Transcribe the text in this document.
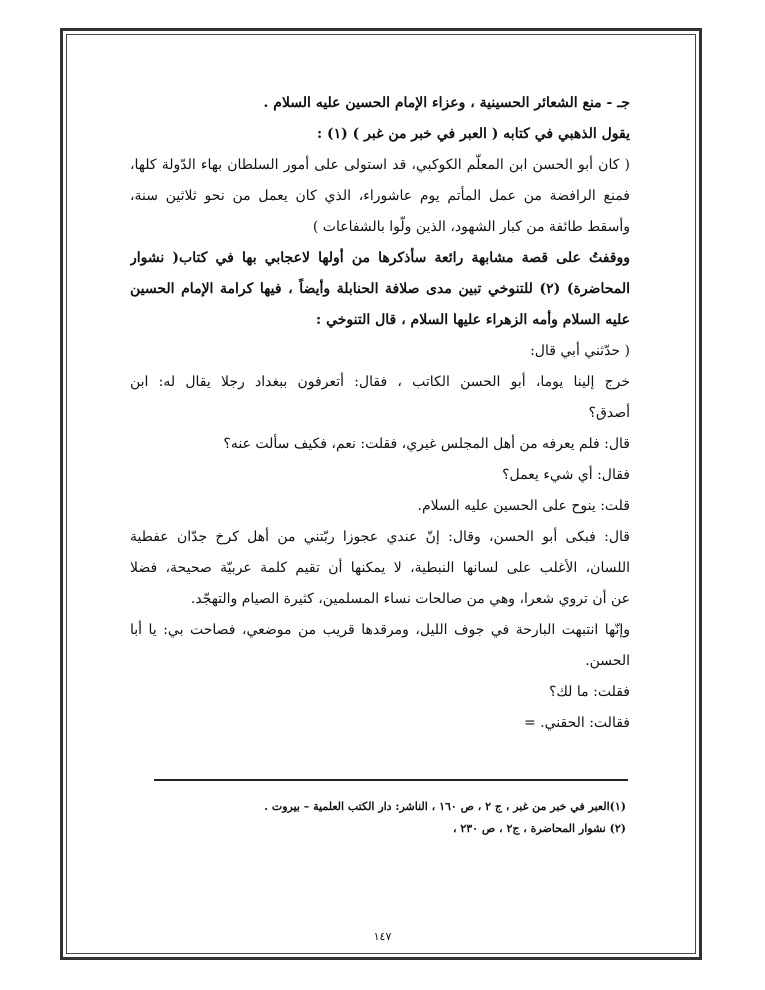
جـ - منع الشعائر الحسينية ، وعزاء الإمام الحسين عليه السلام .
يقول الذهبي في كتابه ( العبر في خبر من غبر ) (١) :
( كان أبو الحسن ابن المعلّم الكوكبي، قد استولى على أمور السلطان بهاء الدّولة كلها،
فمنع الرافضة من عمل المأتم يوم عاشوراء، الذي كان يعمل من نحو ثلاثين سنة،
وأسقط طائفة من كبار الشهود، الذين ولّوا بالشفاعات )
ووقفتُ على قصة مشابهة رائعة سأذكرها من أولها لاعجابي بها في كتاب( نشوار
المحاضرة) (٢) للتنوخي تبين مدى صلافة الحنابلة وأيضاً ، فيها كرامة الإمام الحسين
عليه السلام وأمه الزهراء عليها السلام ، قال التنوخي :
( حدّثني أبي قال:
خرج إلينا يوما، أبو الحسن الكاتب ، فقال: أتعرفون ببغداد رجلا يقال له: ابن
أصدق؟
قال: فلم يعرفه من أهل المجلس غيري، فقلت: نعم، فكيف سألت عنه؟
فقال: أي شيء يعمل؟
قلت: ينوح على الحسين عليه السلام.
قال: فبكى أبو الحسن، وقال: إنّ عندي عجوزا ربّتني من أهل كرخ جدّان عفطية
اللسان، الأغلب على لسانها النبطية، لا يمكنها أن تقيم كلمة عربيّة صحيحة، فضلا
عن أن تروي شعرا، وهي من صالحات نساء المسلمين، كثيرة الصيام والتهجّد.
وإنّها انتبهت البارحة في جوف الليل، ومرقدها قريب من موضعي، فصاحت بي: يا أبا
الحسن.
فقلت: ما لك؟
فقالت: الحقني. =
(١)العبر في خبر من غبر ، ج ٢ ، ص ١٦٠ ، الناشر: دار الكتب العلمية – بيروت .
(٢) نشوار المحاضرة ، ج٢ ، ص ٢٣٠ ،
١٤٧
